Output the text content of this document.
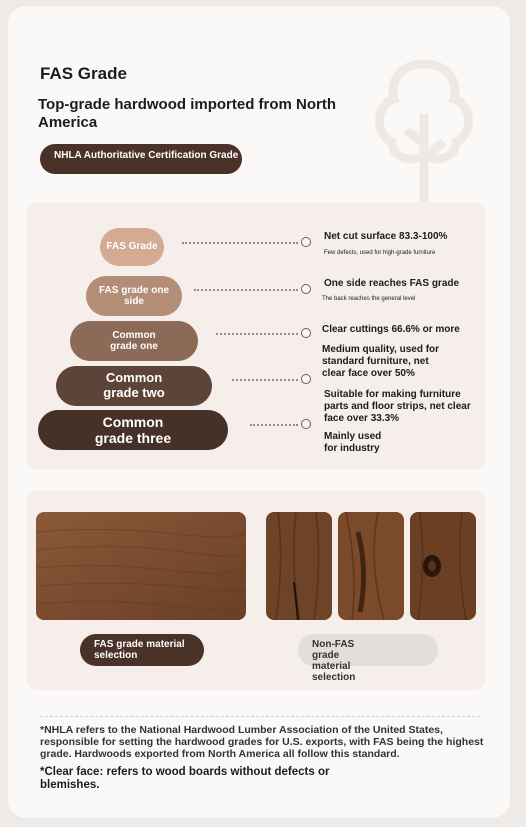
FAS Grade
Top-grade hardwood imported from North America
NHLA Authoritative Certification Grade
FAS Grade
FAS grade one side
Common grade one
Common grade two
Common grade three
Net cut surface 83.3-100%
Few defects, used for high-grade furniture
One side reaches FAS grade
The back reaches the general level
Clear cuttings 66.6% or more
Medium quality, used for standard furniture, net clear face over 50%
Suitable for making furniture parts and floor strips, net clear face over 33.3%
Mainly used for industry
FAS grade material selection
Non-FAS grade material selection
*NHLA refers to the National Hardwood Lumber Association of the United States, responsible for setting the hardwood grades for U.S. exports, with FAS being the highest grade. Hardwoods exported from North America all follow this standard.
*Clear face: refers to wood boards without defects or blemishes.
